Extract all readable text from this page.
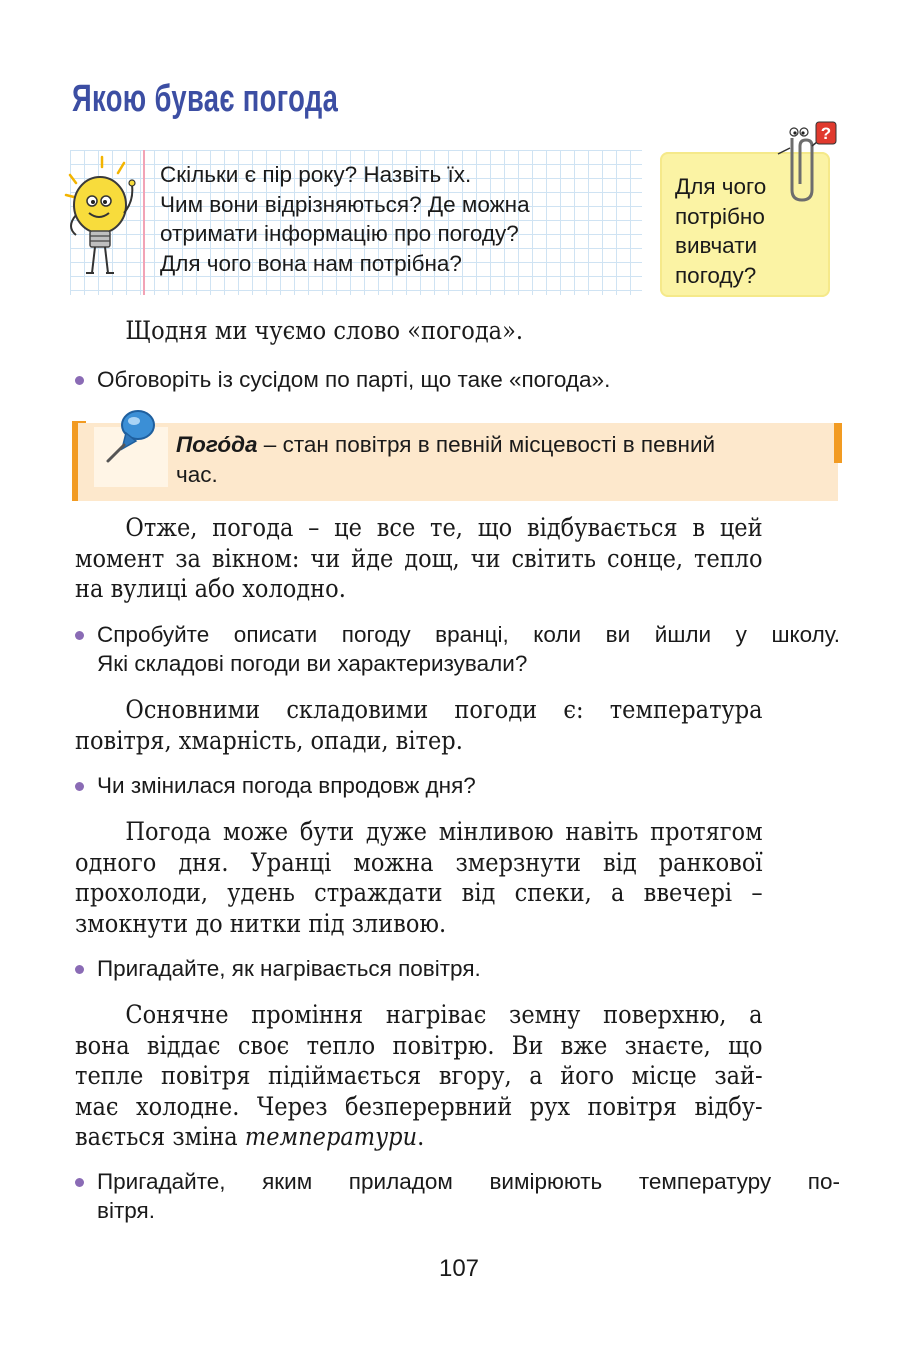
Якою буває погода
Скільки є пір року? Назвіть їх.
Чим вони відрізняються? Де можна
отримати інформацію про погоду?
Для чого вона нам потрібна?
Для чого
потрібно
вивчати
погоду?
?
Щодня ми чуємо слово «погода».
Обговоріть із сусідом по парті, що таке «погода».
Пого́да – стан повітря в певній місцевості в певний
час.
Отже, погода – це все те, що відбувається в цей
момент за вікном: чи йде дощ, чи світить сонце, тепло
на вулиці або холодно.
Спробуйте описати погоду вранці, коли ви йшли у школу.
Які складові погоди ви характеризували?
Основними складовими погоди є: температура
повітря, хмарність, опади, вітер.
Чи змінилася погода впродовж дня?
Погода може бути дуже мінливою навіть протягом
одного дня. Уранці можна змерзнути від ранкової
прохолоди, удень страждати від спеки, а ввечері –
змокнути до нитки під зливою.
Пригадайте, як нагрівається повітря.
Сонячне проміння нагріває земну поверхню, а
вона віддає своє тепло повітрю. Ви вже знаєте, що
тепле повітря підіймається вгору, а його місце зай-
має холодне. Через безперервний рух повітря відбу-
вається зміна температури.
Пригадайте, яким приладом вимірюють температуру по-
вітря.
107
